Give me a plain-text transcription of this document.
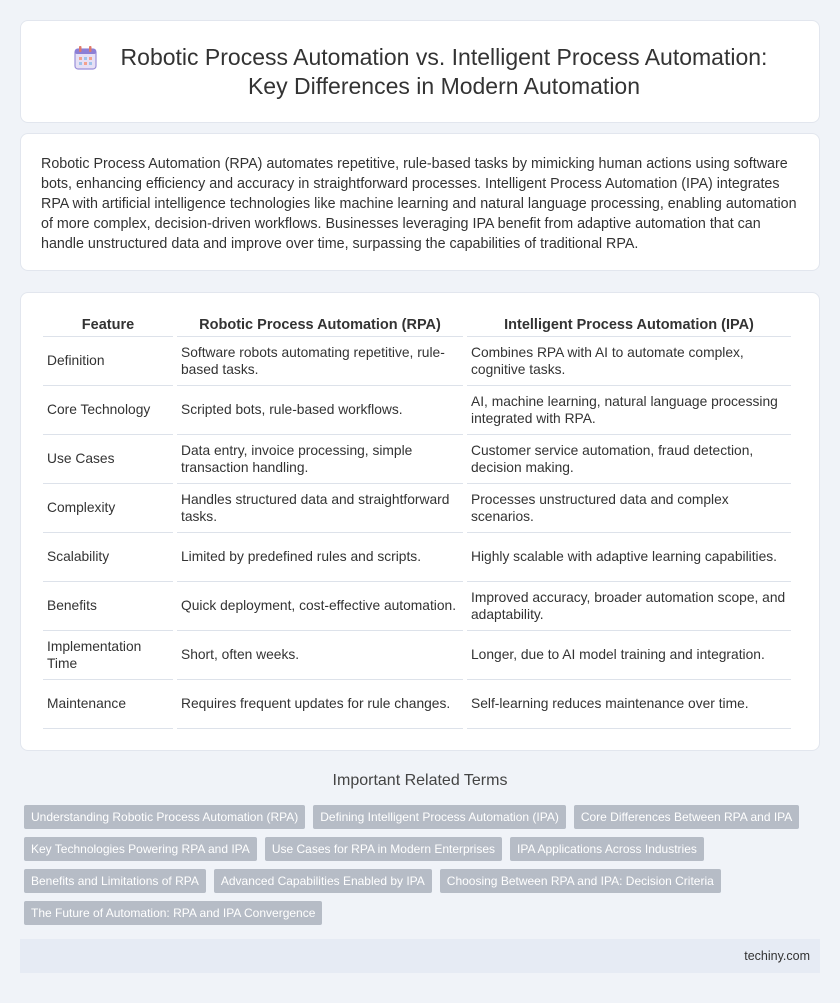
Robotic Process Automation vs. Intelligent Process Automation:
Key Differences in Modern Automation

Robotic Process Automation (RPA) automates repetitive, rule-based tasks by mimicking human actions using software bots, enhancing efficiency and accuracy in straightforward processes. Intelligent Process Automation (IPA) integrates RPA with artificial intelligence technologies like machine learning and natural language processing, enabling automation of more complex, decision-driven workflows. Businesses leveraging IPA benefit from adaptive automation that can handle unstructured data and improve over time, surpassing the capabilities of traditional RPA.

Feature	Robotic Process Automation (RPA)	Intelligent Process Automation (IPA)
Definition	Software robots automating repetitive, rule-based tasks.	Combines RPA with AI to automate complex, cognitive tasks.
Core Technology	Scripted bots, rule-based workflows.	AI, machine learning, natural language processing integrated with RPA.
Use Cases	Data entry, invoice processing, simple transaction handling.	Customer service automation, fraud detection, decision making.
Complexity	Handles structured data and straightforward tasks.	Processes unstructured data and complex scenarios.
Scalability	Limited by predefined rules and scripts.	Highly scalable with adaptive learning capabilities.
Benefits	Quick deployment, cost-effective automation.	Improved accuracy, broader automation scope, and adaptability.
Implementation Time	Short, often weeks.	Longer, due to AI model training and integration.
Maintenance	Requires frequent updates for rule changes.	Self-learning reduces maintenance over time.
Important Related Terms
Understanding Robotic Process Automation (RPA)	Defining Intelligent Process Automation (IPA)	Core Differences Between RPA and IPA
Key Technologies Powering RPA and IPA	Use Cases for RPA in Modern Enterprises	IPA Applications Across Industries
Benefits and Limitations of RPA	Advanced Capabilities Enabled by IPA	Choosing Between RPA and IPA: Decision Criteria
The Future of Automation: RPA and IPA Convergence
techiny.com
